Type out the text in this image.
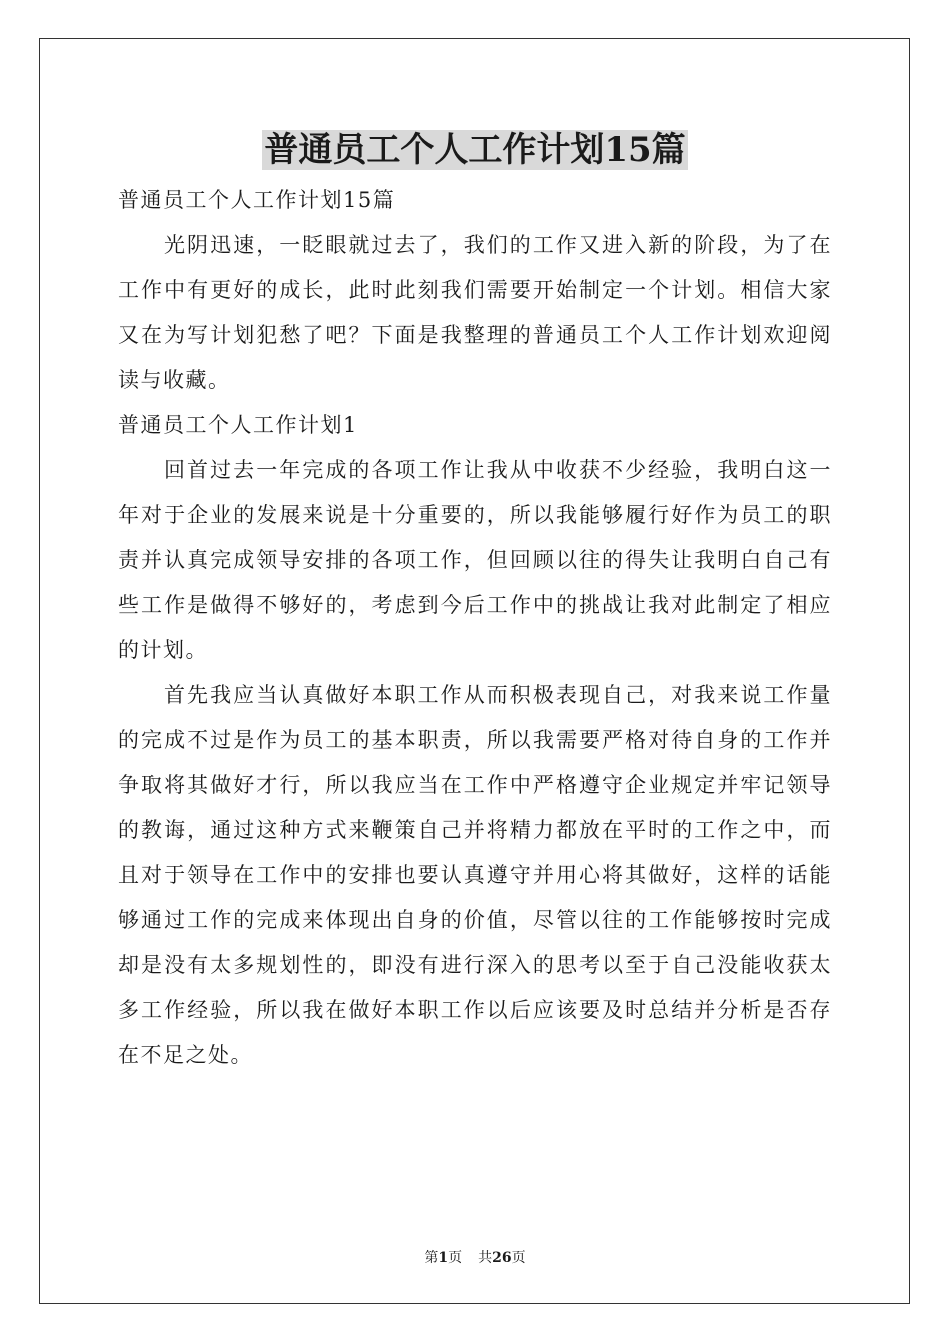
普通员工个人工作计划15篇

普通员工个人工作计划15篇

光阴迅速，一眨眼就过去了，我们的工作又进入新的阶段，为了在工作中有更好的成长，此时此刻我们需要开始制定一个计划。相信大家又在为写计划犯愁了吧？下面是我整理的普通员工个人工作计划欢迎阅读与收藏。

普通员工个人工作计划1

回首过去一年完成的各项工作让我从中收获不少经验，我明白这一年对于企业的发展来说是十分重要的，所以我能够履行好作为员工的职责并认真完成领导安排的各项工作，但回顾以往的得失让我明白自己有些工作是做得不够好的，考虑到今后工作中的挑战让我对此制定了相应的计划。

首先我应当认真做好本职工作从而积极表现自己，对我来说工作量的完成不过是作为员工的基本职责，所以我需要严格对待自身的工作并争取将其做好才行，所以我应当在工作中严格遵守企业规定并牢记领导的教诲，通过这种方式来鞭策自己并将精力都放在平时的工作之中，而且对于领导在工作中的安排也要认真遵守并用心将其做好，这样的话能够通过工作的完成来体现出自身的价值，尽管以往的工作能够按时完成却是没有太多规划性的，即没有进行深入的思考以至于自己没能收获太多工作经验，所以我在做好本职工作以后应该要及时总结并分析是否存在不足之处。

第1页 共26页
